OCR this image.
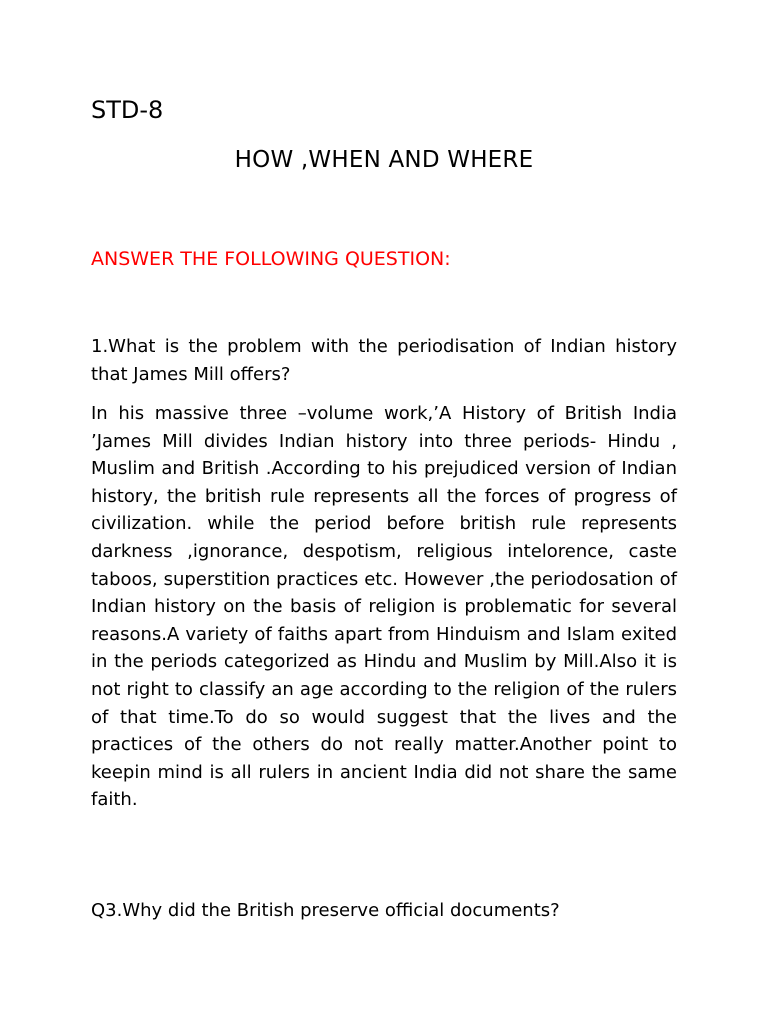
STD-8
HOW ,WHEN AND WHERE

ANSWER THE FOLLOWING QUESTION:

1.What is the problem with the periodisation of Indian history that James Mill offers?

In his massive three –volume work,’A History of British India ’James Mill divides Indian history into three periods- Hindu , Muslim and British .According to his prejudiced version of Indian history, the british rule represents all the forces of progress of civilization. while the period before british rule represents darkness ,ignorance, despotism, religious intelorence, caste taboos, superstition practices etc. However ,the periodosation of Indian history on the basis of religion is problematic for several reasons.A variety of faiths apart from Hinduism and Islam exited in the periods categorized as Hindu and Muslim by Mill.Also it is not right to classify an age according to the religion of the rulers of that time.To do so would suggest that the lives and the practices of the others do not really matter.Another point to keepin mind is all rulers in ancient India did not share the same faith.

Q3.Why did the British preserve official documents?
